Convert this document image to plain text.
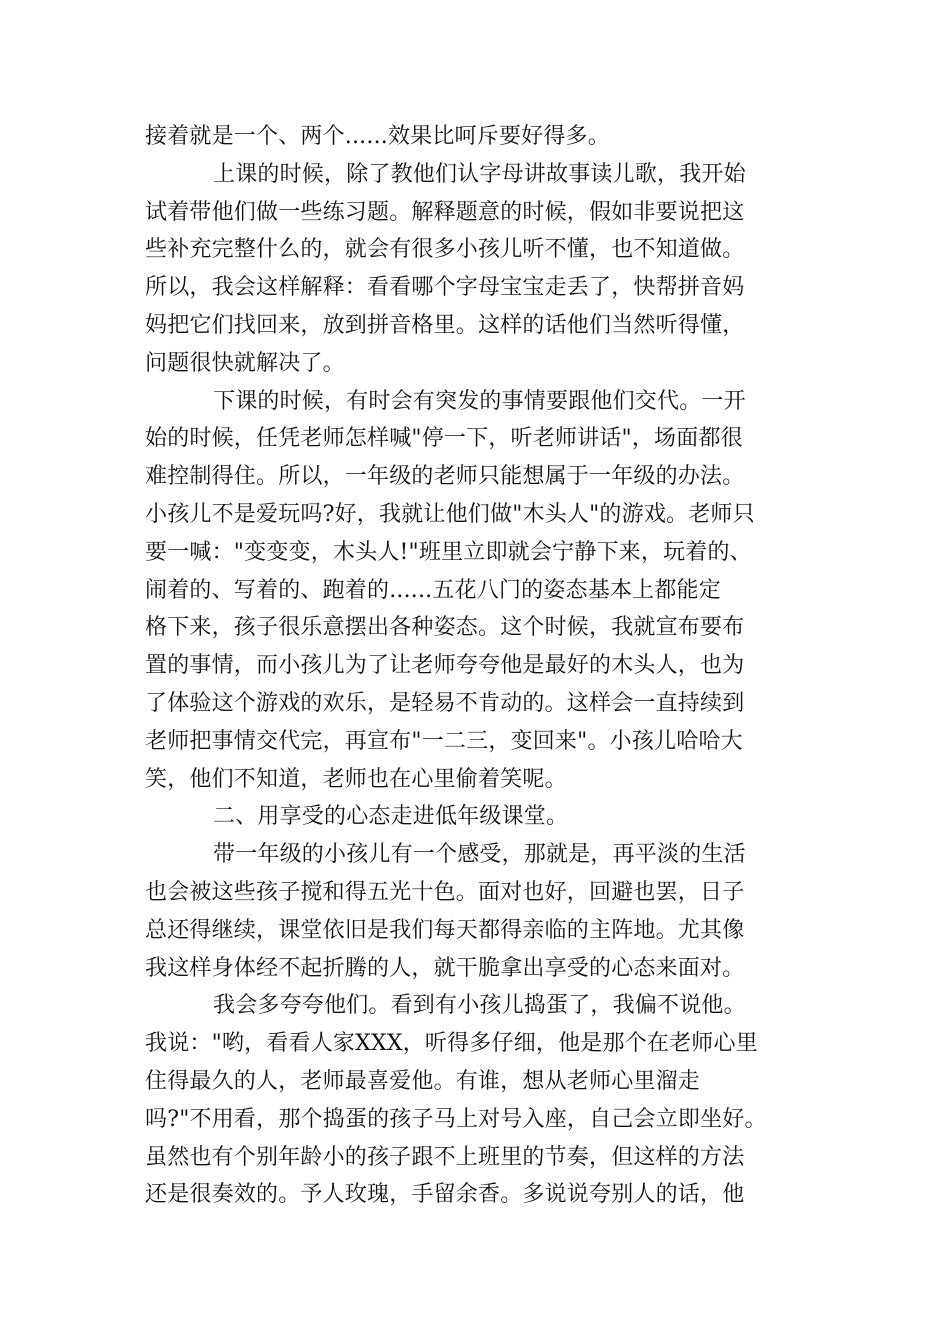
接着就是一个、两个......效果比呵斥要好得多。
上课的时候，除了教他们认字母讲故事读儿歌，我开始
试着带他们做一些练习题。解释题意的时候，假如非要说把这
些补充完整什么的，就会有很多小孩儿听不懂，也不知道做。
所以，我会这样解释：看看哪个字母宝宝走丢了，快帮拼音妈
妈把它们找回来，放到拼音格里。这样的话他们当然听得懂，
问题很快就解决了。
下课的时候，有时会有突发的事情要跟他们交代。一开
始的时候，任凭老师怎样喊"停一下，听老师讲话"，场面都很
难控制得住。所以，一年级的老师只能想属于一年级的办法。
小孩儿不是爱玩吗?好，我就让他们做"木头人"的游戏。老师只
要一喊："变变变，木头人!"班里立即就会宁静下来，玩着的、
闹着的、写着的、跑着的......五花八门的姿态基本上都能定
格下来，孩子很乐意摆出各种姿态。这个时候，我就宣布要布
置的事情，而小孩儿为了让老师夸夸他是最好的木头人，也为
了体验这个游戏的欢乐，是轻易不肯动的。这样会一直持续到
老师把事情交代完，再宣布"一二三，变回来"。小孩儿哈哈大
笑，他们不知道，老师也在心里偷着笑呢。
二、用享受的心态走进低年级课堂。
带一年级的小孩儿有一个感受，那就是，再平淡的生活
也会被这些孩子搅和得五光十色。面对也好，回避也罢，日子
总还得继续，课堂依旧是我们每天都得亲临的主阵地。尤其像
我这样身体经不起折腾的人，就干脆拿出享受的心态来面对。
我会多夸夸他们。看到有小孩儿捣蛋了，我偏不说他。
我说："哟，看看人家XXX，听得多仔细，他是那个在老师心里
住得最久的人，老师最喜爱他。有谁，想从老师心里溜走
吗?"不用看，那个捣蛋的孩子马上对号入座，自己会立即坐好。
虽然也有个别年龄小的孩子跟不上班里的节奏，但这样的方法
还是很奏效的。予人玫瑰，手留余香。多说说夸别人的话，他
